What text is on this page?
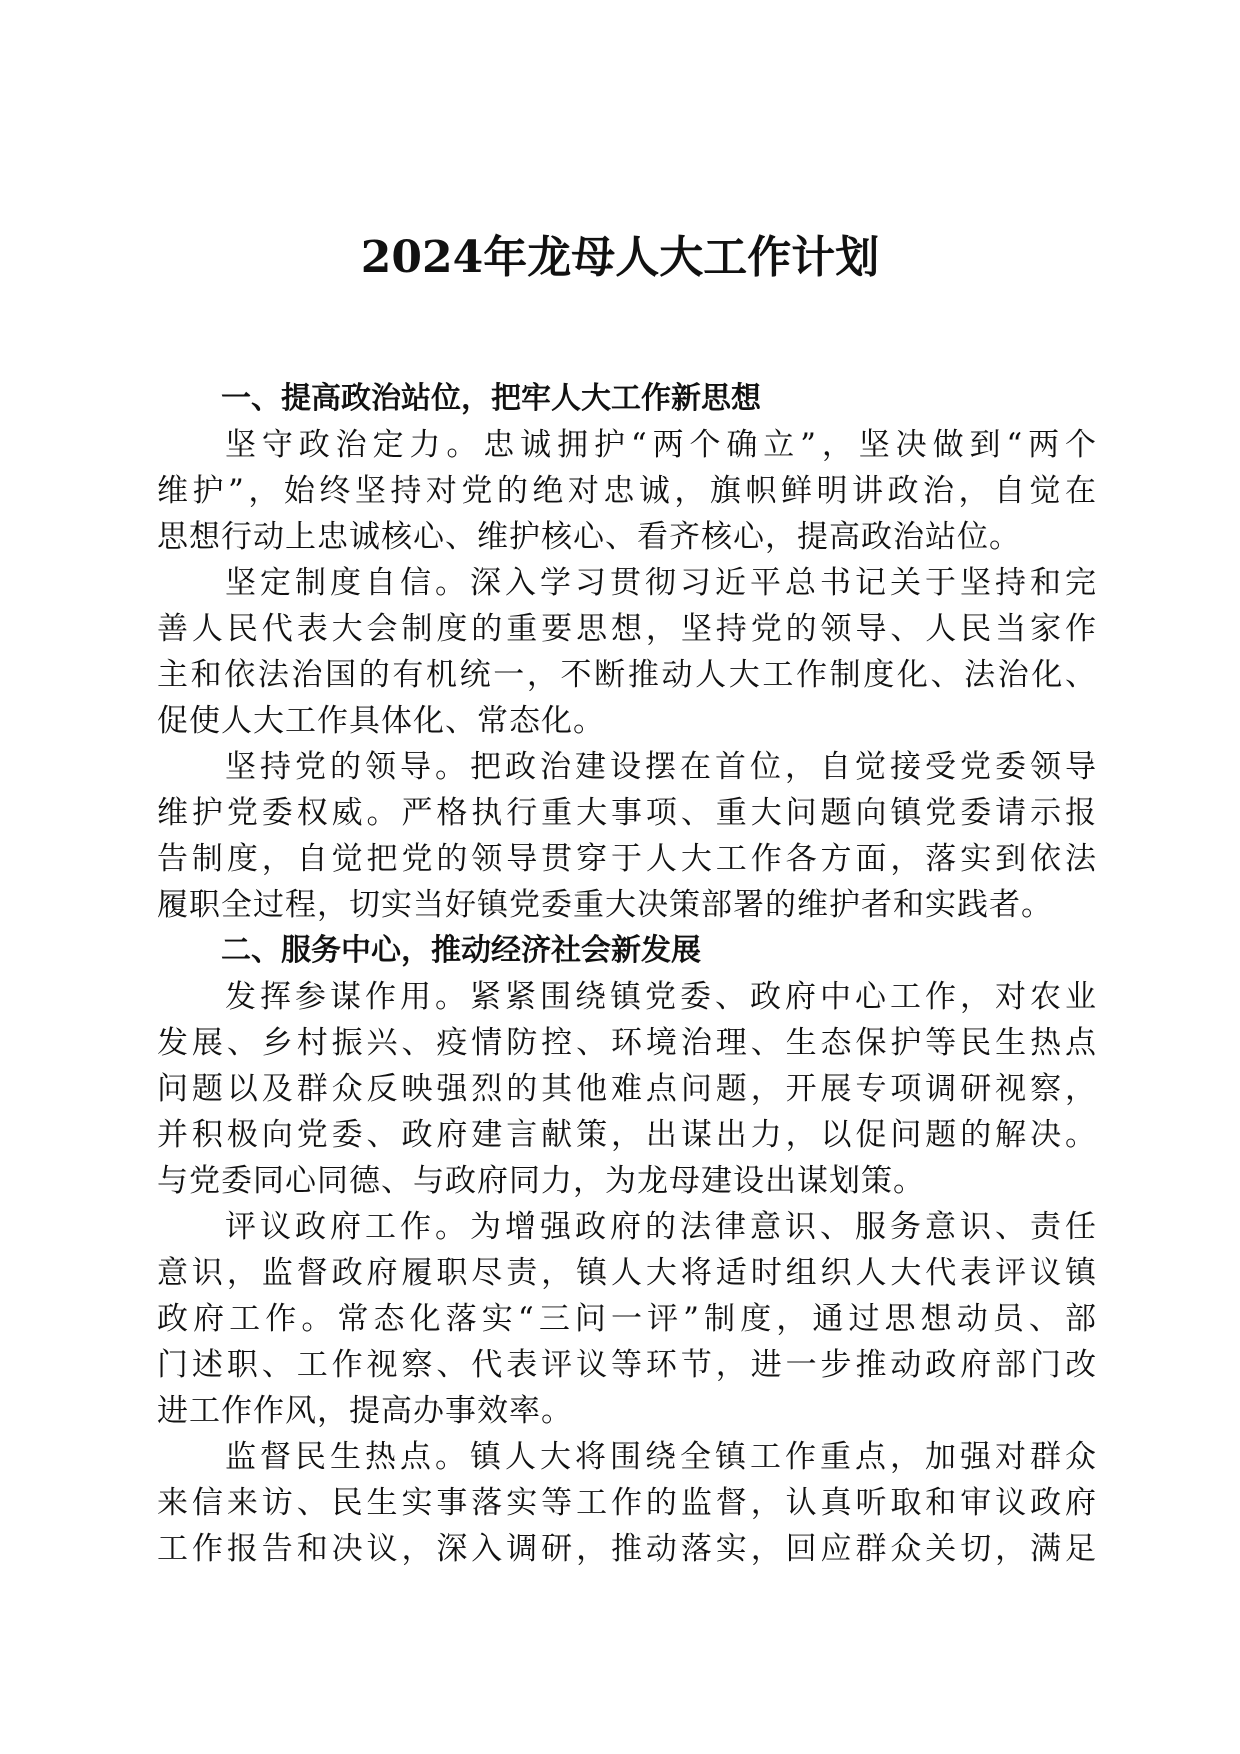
2024年龙母人大工作计划
一、提高政治站位，把牢人大工作新思想
坚守政治定力。忠诚拥护“两个确立”，坚决做到“两个
维护”，始终坚持对党的绝对忠诚，旗帜鲜明讲政治，自觉在
思想行动上忠诚核心、维护核心、看齐核心，提高政治站位。
坚定制度自信。深入学习贯彻习近平总书记关于坚持和完
善人民代表大会制度的重要思想，坚持党的领导、人民当家作
主和依法治国的有机统一，不断推动人大工作制度化、法治化、
促使人大工作具体化、常态化。
坚持党的领导。把政治建设摆在首位，自觉接受党委领导
维护党委权威。严格执行重大事项、重大问题向镇党委请示报
告制度，自觉把党的领导贯穿于人大工作各方面，落实到依法
履职全过程，切实当好镇党委重大决策部署的维护者和实践者。
二、服务中心，推动经济社会新发展
发挥参谋作用。紧紧围绕镇党委、政府中心工作，对农业
发展、乡村振兴、疫情防控、环境治理、生态保护等民生热点
问题以及群众反映强烈的其他难点问题，开展专项调研视察，
并积极向党委、政府建言献策，出谋出力，以促问题的解决。
与党委同心同德、与政府同力，为龙母建设出谋划策。
评议政府工作。为增强政府的法律意识、服务意识、责任
意识，监督政府履职尽责，镇人大将适时组织人大代表评议镇
政府工作。常态化落实“三问一评”制度，通过思想动员、部
门述职、工作视察、代表评议等环节，进一步推动政府部门改
进工作作风，提高办事效率。
监督民生热点。镇人大将围绕全镇工作重点，加强对群众
来信来访、民生实事落实等工作的监督，认真听取和审议政府
工作报告和决议，深入调研，推动落实，回应群众关切，满足
